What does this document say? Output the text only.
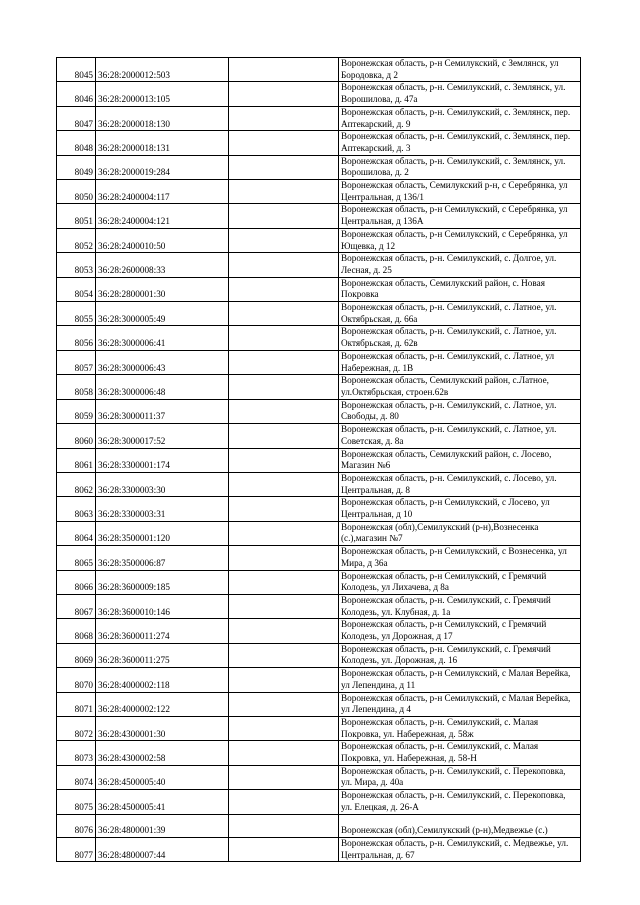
8045	36:28:2000012:503		Воронежская область, р-н Семилукский, с Землянск, ул Бородовка, д 2
8046	36:28:2000013:105		Воронежская область, р-н. Семилукский, с. Землянск, ул. Ворошилова, д. 47а
8047	36:28:2000018:130		Воронежская область, р-н. Семилукский, с. Землянск, пер. Аптекарский, д. 9
8048	36:28:2000018:131		Воронежская область, р-н. Семилукский, с. Землянск, пер. Аптекарский, д. 3
8049	36:28:2000019:284		Воронежская область, р-н. Семилукский, с. Землянск, ул. Ворошилова, д. 2
8050	36:28:2400004:117		Воронежская область, Семилукский р-н, с Серебрянка, ул Центральная, д 136/1
8051	36:28:2400004:121		Воронежская область, р-н Семилукский, с Серебрянка, ул Центральная, д 136А
8052	36:28:2400010:50		Воронежская область, р-н Семилукский, с Серебрянка, ул Ющевка, д 12
8053	36:28:2600008:33		Воронежская область, р-н. Семилукский, с. Долгое, ул. Лесная, д. 25
8054	36:28:2800001:30		Воронежская область, Семилукский район, с. Новая Покровка
8055	36:28:3000005:49		Воронежская область, р-н. Семилукский, с. Латное, ул. Октябрьская, д. 66а
8056	36:28:3000006:41		Воронежская область, р-н. Семилукский, с. Латное, ул. Октябрьская, д. 62в
8057	36:28:3000006:43		Воронежская область, р-н. Семилукский, с. Латное, ул Набережная, д. 1В
8058	36:28:3000006:48		Воронежская область, Семилукский район, с.Латное, ул.Октябрьская, строен.62в
8059	36:28:3000011:37		Воронежская область, р-н. Семилукский, с. Латное, ул. Свободы, д. 80
8060	36:28:3000017:52		Воронежская область, р-н. Семилукский, с. Латное, ул. Советская, д. 8а
8061	36:28:3300001:174		Воронежская область, Семилукский район, с. Лосево, Магазин №6
8062	36:28:3300003:30		Воронежская область, р-н. Семилукский, с. Лосево, ул. Центральная, д. 8
8063	36:28:3300003:31		Воронежская область, р-н Семилукский, с Лосево, ул Центральная, д 10
8064	36:28:3500001:120		Воронежская (обл),Семилукский (р-н),Вознесенка (с.),магазин №7
8065	36:28:3500006:87		Воронежская область, р-н Семилукский, с Вознесенка, ул Мира, д 36а
8066	36:28:3600009:185		Воронежская область, р-н Семилукский, с Гремячий Колодезь, ул Лихачева, д 8а
8067	36:28:3600010:146		Воронежская область, р-н. Семилукский, с. Гремячий Колодезь, ул. Клубная, д. 1а
8068	36:28:3600011:274		Воронежская область, р-н Семилукский, с Гремячий Колодезь, ул Дорожная, д 17
8069	36:28:3600011:275		Воронежская область, р-н. Семилукский, с. Гремячий Колодезь, ул. Дорожная, д. 16
8070	36:28:4000002:118		Воронежская область, р-н Семилукский, с Малая Верейка, ул Лепендина, д 11
8071	36:28:4000002:122		Воронежская область, р-н Семилукский, с Малая Верейка, ул Лепендина, д 4
8072	36:28:4300001:30		Воронежская область, р-н. Семилукский, с. Малая Покровка, ул. Набережная, д. 58ж
8073	36:28:4300002:58		Воронежская область, р-н. Семилукский, с. Малая Покровка, ул. Набережная, д. 58-Н
8074	36:28:4500005:40		Воронежская область, р-н. Семилукский, с. Перекоповка, ул. Мира, д. 40а
8075	36:28:4500005:41		Воронежская область, р-н. Семилукский, с. Перекоповка, ул. Елецкая, д. 26-А
8076	36:28:4800001:39		Воронежская (обл),Семилукский (р-н),Медвежье (с.)
8077	36:28:4800007:44		Воронежская область, р-н. Семилукский, с. Медвежье, ул. Центральная, д. 67
